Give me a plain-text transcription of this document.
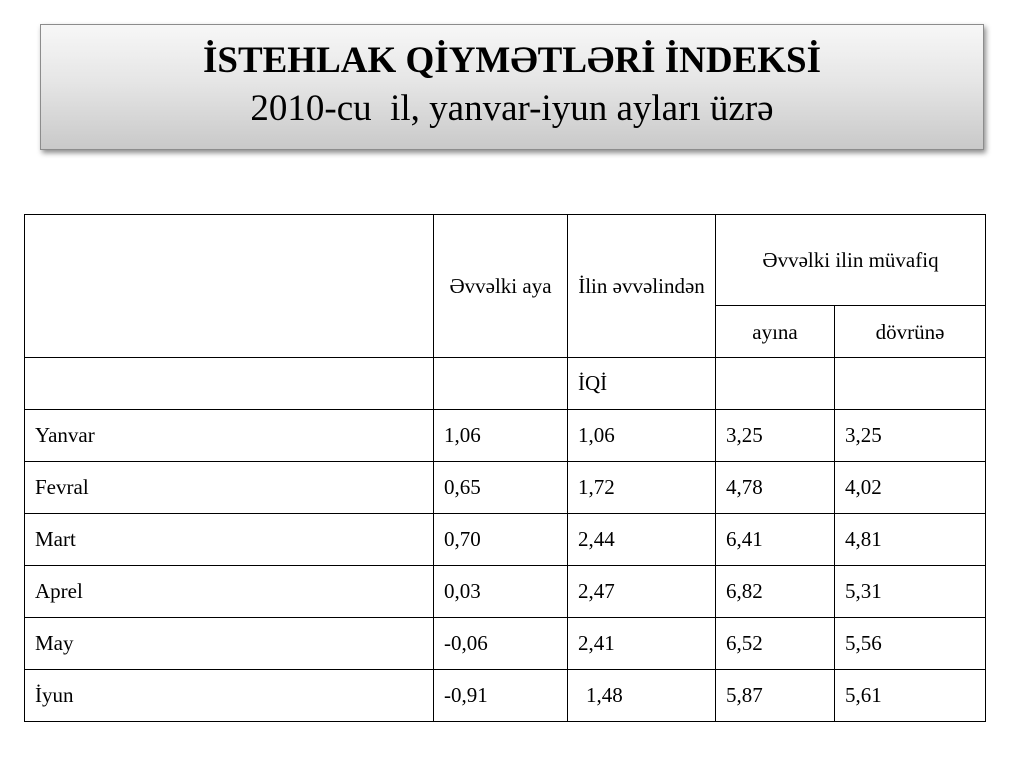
İSTEHLAK QİYMƏTLƏRİ İNDEKSİ
2010-cu  il, yanvar-iyun ayları üzrə
	Əvvəlki aya	İlin əvvəlindən	Əvvəlki ilin müvafiq	
			ayına	dövrünə
		İQİ		
Yanvar	1,06	1,06	3,25	3,25
Fevral	0,65	1,72	4,78	4,02
Mart	0,70	2,44	6,41	4,81
Aprel	0,03	2,47	6,82	5,31
May	-0,06	2,41	6,52	5,56
İyun	-0,91	1,48	5,87	5,61
